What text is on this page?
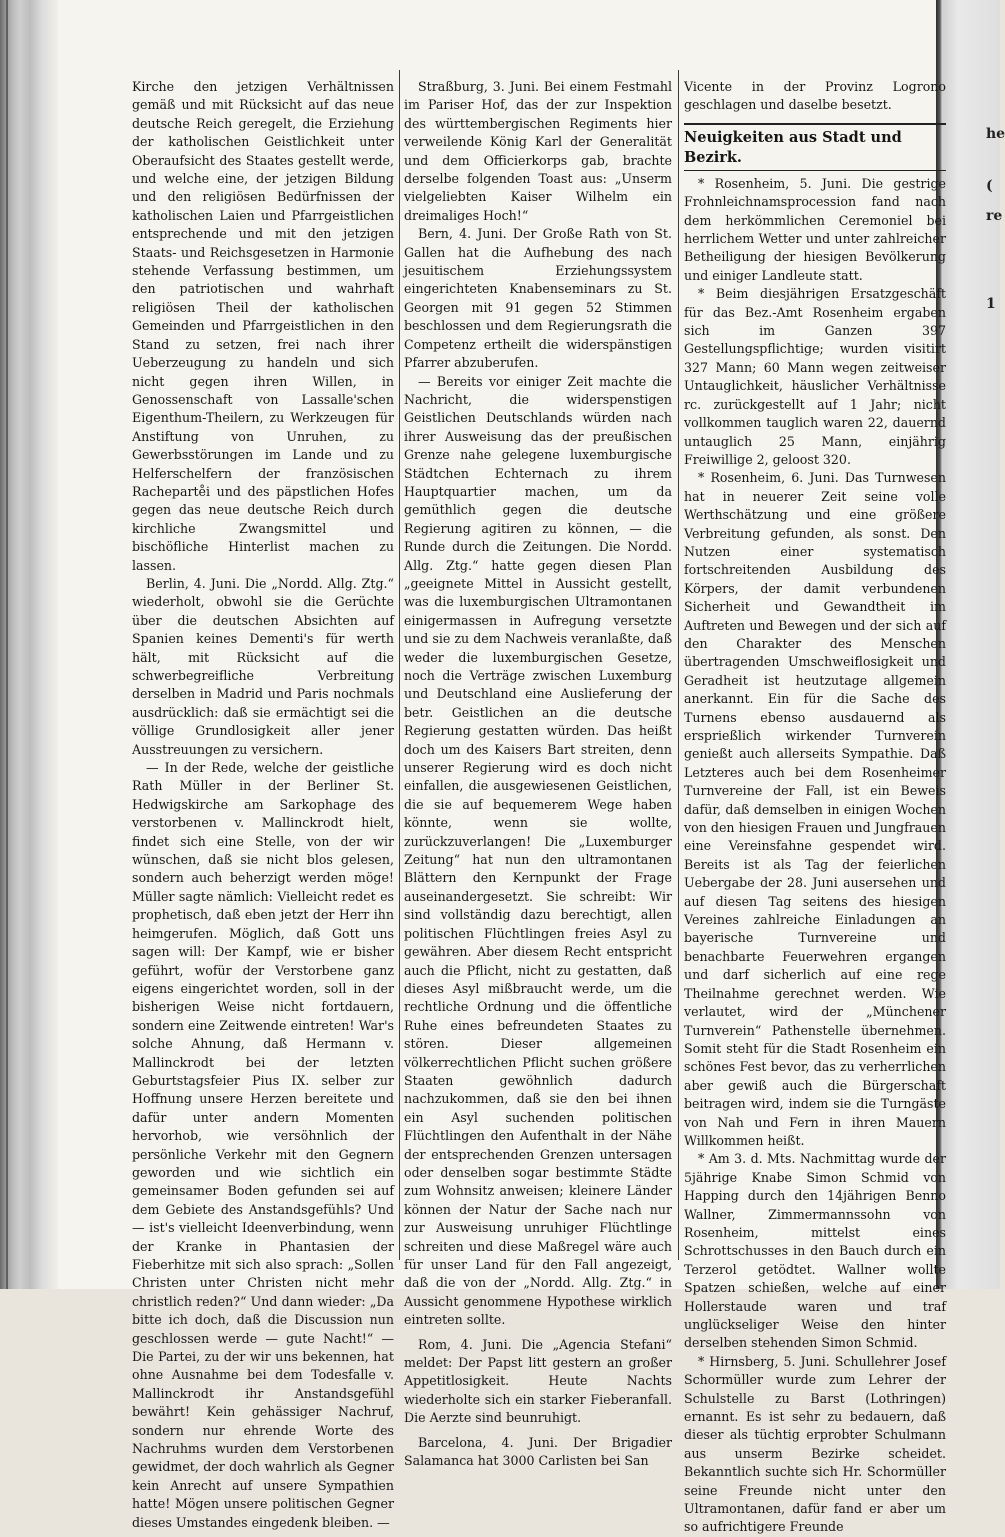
he
(
re
1

Kirche den jetzigen Verhältnissen gemäß und mit Rücksicht auf das neue deutsche Reich geregelt, die Erziehung der katholischen Geistlichkeit unter Oberaufsicht des Staates gestellt werde, und welche eine, der jetzigen Bildung und den religiösen Bedürfnissen der katholischen Laien und Pfarrgeistlichen entsprechende und mit den jetzigen Staats- und Reichsgesetzen in Harmonie stehende Verfassung bestimmen, um den patriotischen und wahrhaft religiösen Theil der katholischen Gemeinden und Pfarrgeistlichen in den Stand zu setzen, frei nach ihrer Ueberzeugung zu handeln und sich nicht gegen ihren Willen, in Genossenschaft von Lassalle'schen Eigenthum-Theilern, zu Werkzeugen für Anstiftung von Unruhen, zu Gewerbsstörungen im Lande und zu Helferschelfern der französischen Racheparte̊i und des päpstlichen Hofes gegen das neue deutsche Reich durch kirchliche Zwangsmittel und bischöfliche Hinterlist machen zu lassen.

Berlin, 4. Juni. Die „Nordd. Allg. Ztg.“ wiederholt, obwohl sie die Gerüchte über die deutschen Absichten auf Spanien keines Dementi's für werth hält, mit Rücksicht auf die schwerbegreifliche Verbreitung derselben in Madrid und Paris nochmals ausdrücklich: daß sie ermächtigt sei die völlige Grundlosigkeit aller jener Ausstreuungen zu versichern.

— In der Rede, welche der geistliche Rath Müller in der Berliner St. Hedwigskirche am Sarkophage des verstorbenen v. Mallinckrodt hielt, findet sich eine Stelle, von der wir wünschen, daß sie nicht blos gelesen, sondern auch beherzigt werden möge! Müller sagte nämlich: Vielleicht redet es prophetisch, daß eben jetzt der Herr ihn heimgerufen. Möglich, daß Gott uns sagen will: Der Kampf, wie er bisher geführt, wofür der Verstorbene ganz eigens eingerichtet worden, soll in der bisherigen Weise nicht fortdauern, sondern eine Zeitwende eintreten! War's solche Ahnung, daß Hermann v. Mallinckrodt bei der letzten Geburtstagsfeier Pius IX. selber zur Hoffnung unsere Herzen bereitete und dafür unter andern Momenten hervorhob, wie versöhnlich der persönliche Verkehr mit den Gegnern geworden und wie sichtlich ein gemeinsamer Boden gefunden sei auf dem Gebiete des Anstandsgefühls? Und — ist's vielleicht Ideenverbindung, wenn der Kranke in Phantasien der Fieberhitze mit sich also sprach: „Sollen Christen unter Christen nicht mehr christlich reden?“ Und dann wieder: „Da bitte ich doch, daß die Discussion nun geschlossen werde — gute Nacht!“ — Die Partei, zu der wir uns bekennen, hat ohne Ausnahme bei dem Todesfalle v. Mallinckrodt ihr Anstandsgefühl bewährt! Kein gehässiger Nachruf, sondern nur ehrende Worte des Nachruhms wurden dem Verstorbenen gewidmet, der doch wahrlich als Gegner kein Anrecht auf unsere Sympathien hatte! Mögen unsere politischen Gegner dieses Umstandes eingedenk bleiben. —

Straßburg, 3. Juni. Bei einem Festmahl im Pariser Hof, das der zur Inspektion des württembergischen Regiments hier verweilende König Karl der Generalität und dem Officierkorps gab, brachte derselbe folgenden Toast aus: „Unserm vielgeliebten Kaiser Wilhelm ein dreimaliges Hoch!“

Bern, 4. Juni. Der Große Rath von St. Gallen hat die Aufhebung des nach jesuitischem Erziehungssystem eingerichteten Knabenseminars zu St. Georgen mit 91 gegen 52 Stimmen beschlossen und dem Regierungsrath die Competenz ertheilt die widerspänstigen Pfarrer abzuberufen.

— Bereits vor einiger Zeit machte die Nachricht, die widerspenstigen Geistlichen Deutschlands würden nach ihrer Ausweisung das der preußischen Grenze nahe gelegene luxemburgische Städtchen Echternach zu ihrem Hauptquartier machen, um da gemüthlich gegen die deutsche Regierung agitiren zu können, — die Runde durch die Zeitungen. Die Nordd. Allg. Ztg.“ hatte gegen diesen Plan „geeignete Mittel in Aussicht gestellt, was die luxemburgischen Ultramontanen einigermassen in Aufregung versetzte und sie zu dem Nachweis veranlaßte, daß weder die luxemburgischen Gesetze, noch die Verträge zwischen Luxemburg und Deutschland eine Auslieferung der betr. Geistlichen an die deutsche Regierung gestatten würden. Das heißt doch um des Kaisers Bart streiten, denn unserer Regierung wird es doch nicht einfallen, die ausgewiesenen Geistlichen, die sie auf bequemerem Wege haben könnte, wenn sie wollte, zurückzuverlangen! Die „Luxemburger Zeitung“ hat nun den ultramontanen Blättern den Kernpunkt der Frage auseinandergesetzt. Sie schreibt: Wir sind vollständig dazu berechtigt, allen politischen Flüchtlingen freies Asyl zu gewähren. Aber diesem Recht entspricht auch die Pflicht, nicht zu gestatten, daß dieses Asyl mißbraucht werde, um die rechtliche Ordnung und die öffentliche Ruhe eines befreundeten Staates zu stören. Dieser allgemeinen völkerrechtlichen Pflicht suchen größere Staaten gewöhnlich dadurch nachzukommen, daß sie den bei ihnen ein Asyl suchenden politischen Flüchtlingen den Aufenthalt in der Nähe der entsprechenden Grenzen untersagen oder denselben sogar bestimmte Städte zum Wohnsitz anweisen; kleinere Länder können der Natur der Sache nach nur zur Ausweisung unruhiger Flüchtlinge schreiten und diese Maßregel wäre auch für unser Land für den Fall angezeigt, daß die von der „Nordd. Allg. Ztg.“ in Aussicht genommene Hypothese wirklich eintreten sollte.

Rom, 4. Juni. Die „Agencia Stefani“ meldet: Der Papst litt gestern an großer Appetitlosigkeit. Heute Nachts wiederholte sich ein starker Fieberanfall. Die Aerzte sind beunruhigt.

Barcelona, 4. Juni. Der Brigadier Salamanca hat 3000 Carlisten bei San

Vicente in der Provinz Logrono geschlagen und daselbe besetzt.

Neuigkeiten aus Stadt und Bezirk.

* Rosenheim, 5. Juni. Die gestrige Frohnleichnamsprocession fand nach dem herkömmlichen Ceremoniel bei herrlichem Wetter und unter zahlreicher Betheiligung der hiesigen Bevölkerung und einiger Landleute statt.

* Beim diesjährigen Ersatzgeschäft für das Bez.-Amt Rosenheim ergaben sich im Ganzen 397 Gestellungspflichtige; wurden visitirt 327 Mann; 60 Mann wegen zeitweiser Untauglichkeit, häuslicher Verhältnisse rc. zurückgestellt auf 1 Jahr; nicht vollkommen tauglich waren 22, dauernd untauglich 25 Mann, einjährig Freiwillige 2, geloost 320.

* Rosenheim, 6. Juni. Das Turnwesen hat in neuerer Zeit seine volle Werthschätzung und eine größere Verbreitung gefunden, als sonst. Den Nutzen einer systematisch fortschreitenden Ausbildung des Körpers, der damit verbundenen Sicherheit und Gewandtheit im Auftreten und Bewegen und der sich auf den Charakter des Menschen übertragenden Umschweiflosigkeit und Geradheit ist heutzutage allgemein anerkannt. Ein für die Sache des Turnens ebenso ausdauernd als ersprießlich wirkender Turnverein genießt auch allerseits Sympathie. Daß Letzteres auch bei dem Rosenheimer Turnvereine der Fall, ist ein Beweis dafür, daß demselben in einigen Wochen von den hiesigen Frauen und Jungfrauen eine Vereinsfahne gespendet wird. Bereits ist als Tag der feierlichen Uebergabe der 28. Juni ausersehen und auf diesen Tag seitens des hiesigen Vereines zahlreiche Einladungen an bayerische Turnvereine und benachbarte Feuerwehren ergangen und darf sicherlich auf eine rege Theilnahme gerechnet werden. Wie verlautet, wird der „Münchener Turnverein“ Pathenstelle übernehmen. Somit steht für die Stadt Rosenheim ein schönes Fest bevor, das zu verherrlichen aber gewiß auch die Bürgerschaft beitragen wird, indem sie die Turngäste von Nah und Fern in ihren Mauern Willkommen heißt.

* Am 3. d. Mts. Nachmittag wurde der 5jährige Knabe Simon Schmid von Happing durch den 14jährigen Benno Wallner, Zimmermannssohn von Rosenheim, mittelst eines Schrottschusses in den Bauch durch ein Terzerol getödtet. Wallner wollte Spatzen schießen, welche auf einer Hollerstaude waren und traf unglückseliger Weise den hinter derselben stehenden Simon Schmid.

* Hirnsberg, 5. Juni. Schullehrer Josef Schormüller wurde zum Lehrer der Schulstelle zu Barst (Lothringen) ernannt. Es ist sehr zu bedauern, daß dieser als tüchtig erprobter Schulmann aus unserm Bezirke scheidet. Bekanntlich suchte sich Hr. Schormüller seine Freunde nicht unter den Ultramontanen, dafür fand er aber um so aufrichtigere Freunde
